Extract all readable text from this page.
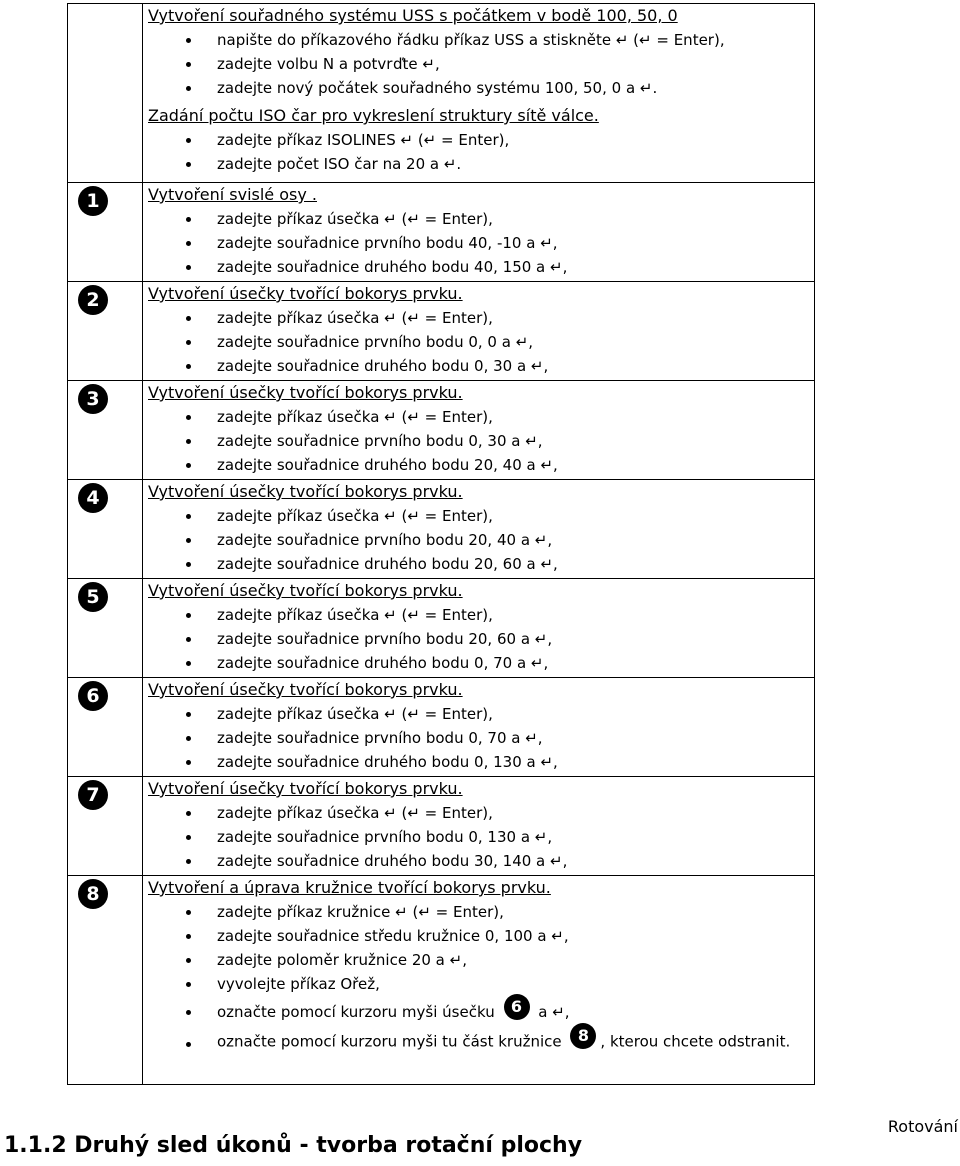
Vytvoření souřadného systému USS s počátkem v bodě 100, 50, 0
napište do příkazového řádku příkaz USS a stiskněte ↵ (↵ = Enter),
zadejte volbu N a potvrďte ↵,
zadejte nový počátek souřadného systému 100, 50, 0 a ↵.
Zadání počtu ISO čar pro vykreslení struktury sítě válce.
zadejte příkaz ISOLINES ↵ (↵ = Enter),
zadejte počet ISO čar na 20 a ↵.
1	Vytvoření svislé osy .
zadejte příkaz úsečka ↵ (↵ = Enter),
zadejte souřadnice prvního bodu 40, -10 a ↵,
zadejte souřadnice druhého bodu 40, 150 a ↵,
2	Vytvoření úsečky tvořící bokorys prvku.
zadejte příkaz úsečka ↵ (↵ = Enter),
zadejte souřadnice prvního bodu 0, 0 a ↵,
zadejte souřadnice druhého bodu 0, 30 a ↵,
3	Vytvoření úsečky tvořící bokorys prvku.
zadejte příkaz úsečka ↵ (↵ = Enter),
zadejte souřadnice prvního bodu 0, 30 a ↵,
zadejte souřadnice druhého bodu 20, 40 a ↵,
4	Vytvoření úsečky tvořící bokorys prvku.
zadejte příkaz úsečka ↵ (↵ = Enter),
zadejte souřadnice prvního bodu 20, 40 a ↵,
zadejte souřadnice druhého bodu 20, 60 a ↵,
5	Vytvoření úsečky tvořící bokorys prvku.
zadejte příkaz úsečka ↵ (↵ = Enter),
zadejte souřadnice prvního bodu 20, 60 a ↵,
zadejte souřadnice druhého bodu 0, 70 a ↵,
6	Vytvoření úsečky tvořící bokorys prvku.
zadejte příkaz úsečka ↵ (↵ = Enter),
zadejte souřadnice prvního bodu 0, 70 a ↵,
zadejte souřadnice druhého bodu 0, 130 a ↵,
7	Vytvoření úsečky tvořící bokorys prvku.
zadejte příkaz úsečka ↵ (↵ = Enter),
zadejte souřadnice prvního bodu 0, 130 a ↵,
zadejte souřadnice druhého bodu 30, 140 a ↵,
8	Vytvoření a úprava kružnice tvořící bokorys prvku.
zadejte příkaz kružnice ↵ (↵ = Enter),
zadejte souřadnice středu kružnice 0, 100 a ↵,
zadejte poloměr kružnice 20 a ↵,
vyvolejte příkaz Ořež,
označte pomocí kurzoru myši úsečku 6 a ↵,
označte pomocí kurzoru myši tu část kružnice 8 , kterou chcete odstranit.
Rotování
1.1.2 Druhý sled úkonů - tvorba rotační plochy
